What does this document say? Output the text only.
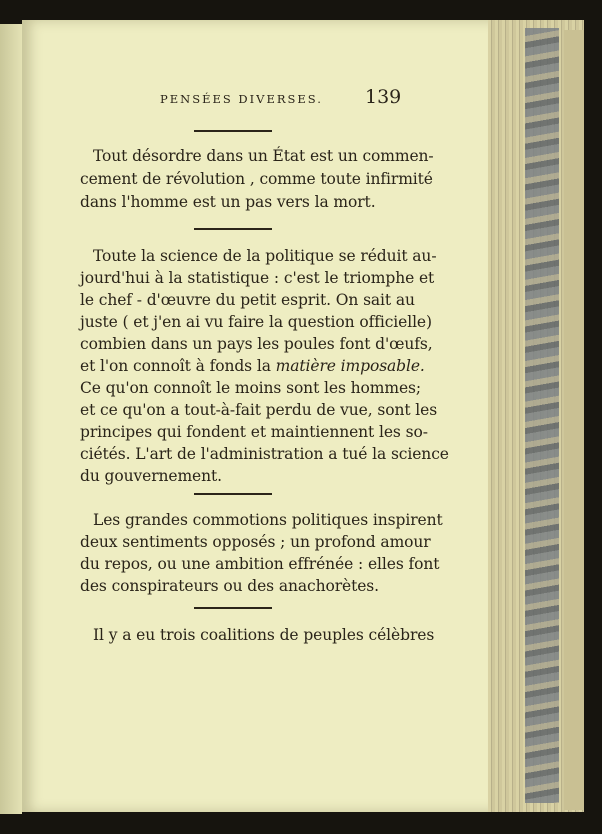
PENSÉES DIVERSES. 139
Tout désordre dans un État est un commen-
cement de révolution , comme toute infirmité
dans l'homme est un pas vers la mort.
Toute la science de la politique se réduit au-
jourd'hui à la statistique : c'est le triomphe et
le chef - d'œuvre du petit esprit. On sait au
juste ( et j'en ai vu faire la question officielle)
combien dans un pays les poules font d'œufs,
et l'on connoît à fonds la matière imposable.
Ce qu'on connoît le moins sont les hommes;
et ce qu'on a tout-à-fait perdu de vue, sont les
principes qui fondent et maintiennent les so-
ciétés. L'art de l'administration a tué la science
du gouvernement.
Les grandes commotions politiques inspirent
deux sentiments opposés ; un profond amour
du repos, ou une ambition effrénée : elles font
des conspirateurs ou des anachorètes.
Il y a eu trois coalitions de peuples célèbres
